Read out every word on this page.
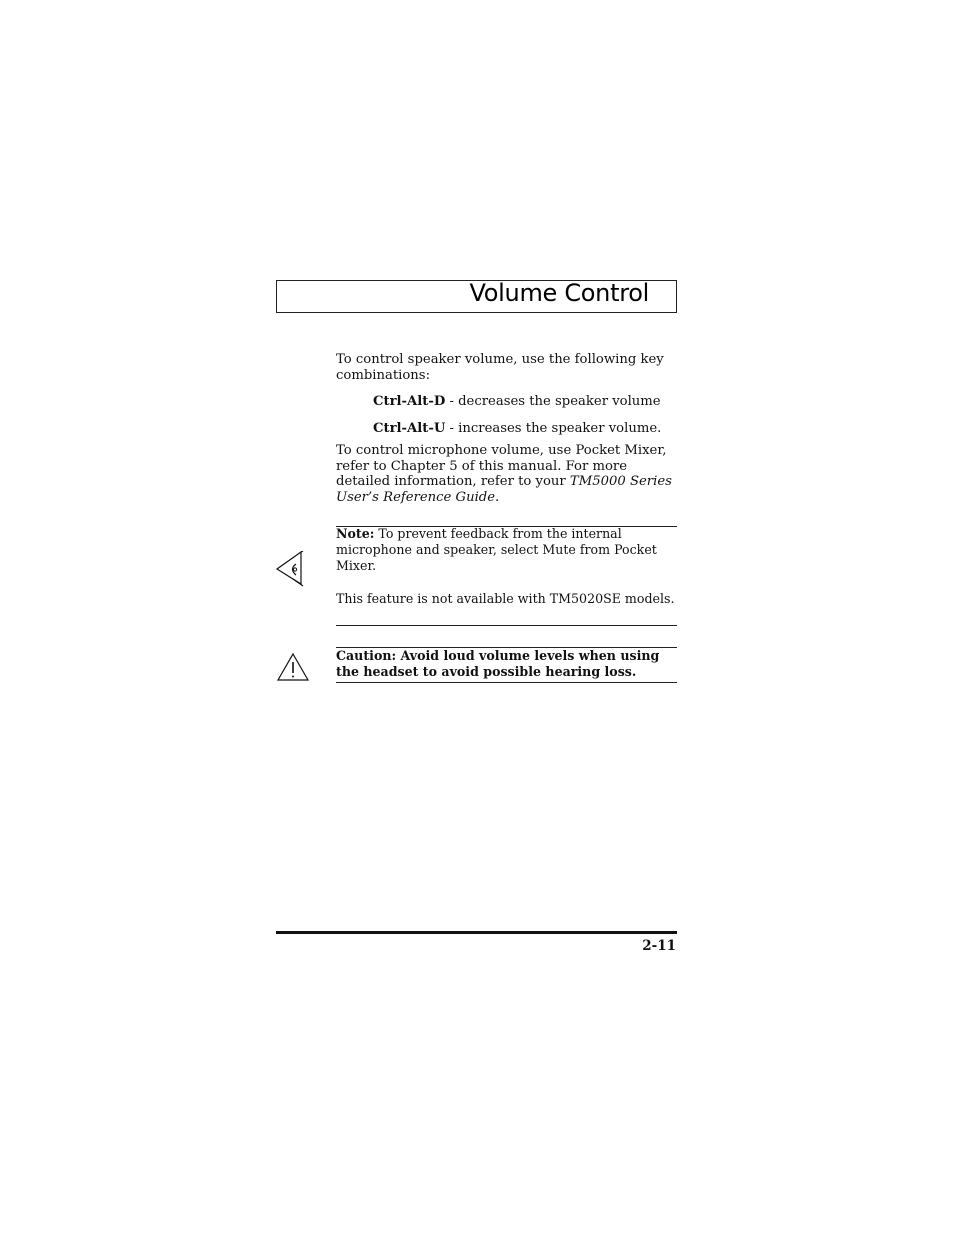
Volume Control

To control speaker volume, use the following key combinations:

Ctrl-Alt-D - decreases the speaker volume
Ctrl-Alt-U - increases the speaker volume.

To control microphone volume, use Pocket Mixer, refer to Chapter 5 of this manual. For more detailed information, refer to your TM5000 Series User’s Reference Guide.

Note: To prevent feedback from the internal microphone and speaker, select Mute from Pocket Mixer.

This feature is not available with TM5020SE models.

Caution: Avoid loud volume levels when using the headset to avoid possible hearing loss.

2-11
